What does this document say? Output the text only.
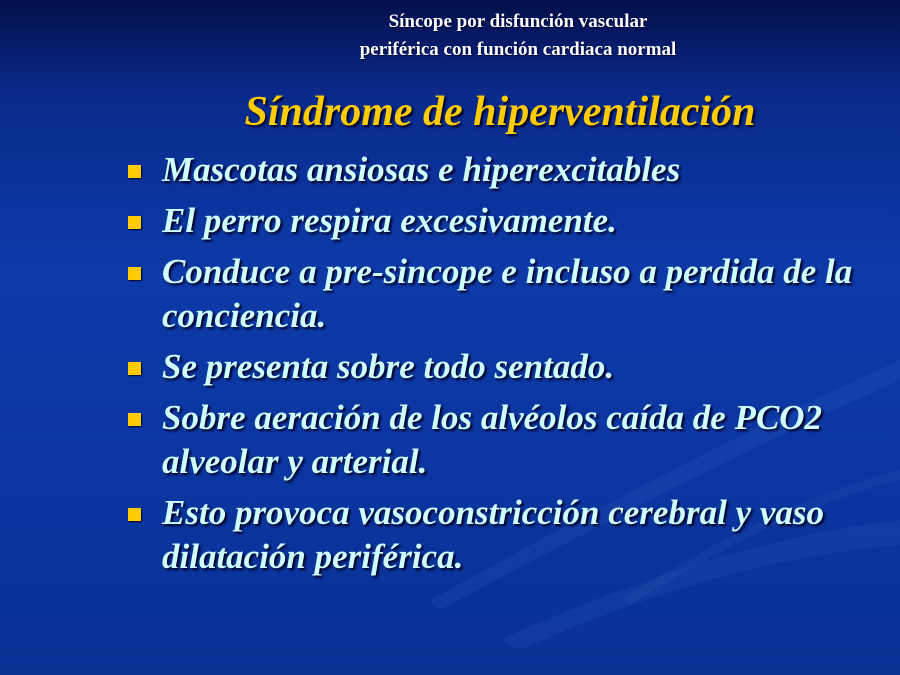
Síncope por disfunción vascular
periférica con función cardiaca normal
Síndrome de hiperventilación
Mascotas ansiosas e hiperexcitables
El perro respira excesivamente.
Conduce a pre-sincope e incluso a perdida de la conciencia.
Se presenta sobre todo sentado.
Sobre aeración de los alvéolos caída de PCO2 alveolar y arterial.
Esto provoca vasoconstricción cerebral y vaso dilatación periférica.
